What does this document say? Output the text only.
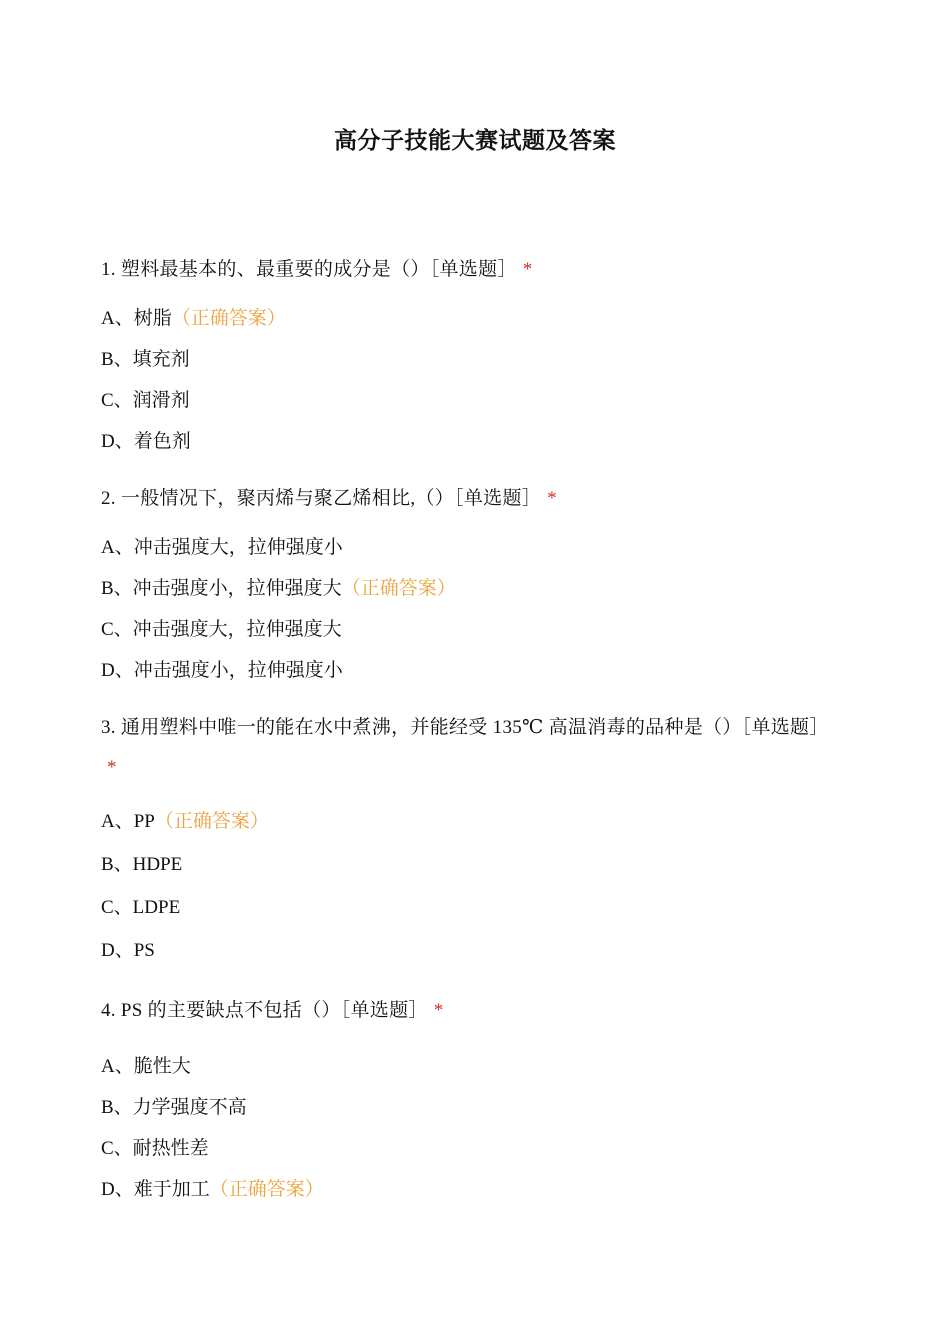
高分子技能大赛试题及答案
1. 塑料最基本的、最重要的成分是（）［单选题］ *
A、树脂（正确答案）
B、填充剂
C、润滑剂
D、着色剂
2. 一般情况下，聚丙烯与聚乙烯相比,（）［单选题］ *
A、冲击强度大，拉伸强度小
B、冲击强度小，拉伸强度大（正确答案）
C、冲击强度大，拉伸强度大
D、冲击强度小，拉伸强度小
3. 通用塑料中唯一的能在水中煮沸，并能经受 135℃ 高温消毒的品种是（）［单选题］*
A、PP（正确答案）
B、HDPE
C、LDPE
D、PS
4. PS 的主要缺点不包括（）［单选题］ *
A、脆性大
B、力学强度不高
C、耐热性差
D、难于加工（正确答案）
